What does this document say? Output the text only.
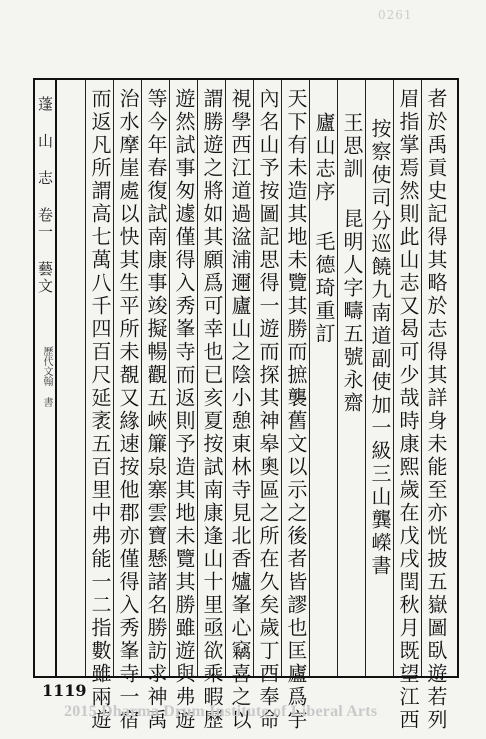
0261
蓬 山 志 卷一 藝文
歷代文翰 書	者於禹貢史記得其略於志得其詳身未能至亦恍披五嶽圖臥遊若列
眉指掌焉然則此山志又曷可少哉時康熙歲在戊戌閏秋月既望江西
按察使司分巡饒九南道副使加一級三山龔嶸書
王思訓 昆明人字疇五號永齋
廬山志序 毛德琦重訂
天下有未造其地未覽其勝而摭襲舊文以示之後者皆謬也匡廬爲宇
內名山予按圖記思得一遊而探其神皋奧區之所在久矣歲丁酉奉命
視學西江道過湓浦邇廬山之陰小憩東林寺見北香爐峯心竊喜之以
謂勝遊之將如其願爲可幸也已亥夏按試南康逢山十里亟欲乘暇歷
遊然試事匆遽僅得入秀峯寺而返則予造其地未覽其勝雖遊與弗遊
等今年春復試南康事竣擬暢觀五峽簾泉寨雲寶懸諸名勝訪求神禹
治水摩崖處以快其生平所未覩又緣速按他郡亦僅得入秀峯寺一宿
而返凡所謂高七萬八千四百尺延袤五百里中弗能一二指數雖兩遊
1119
2015 Dharma Drum Institute of Liberal Arts
